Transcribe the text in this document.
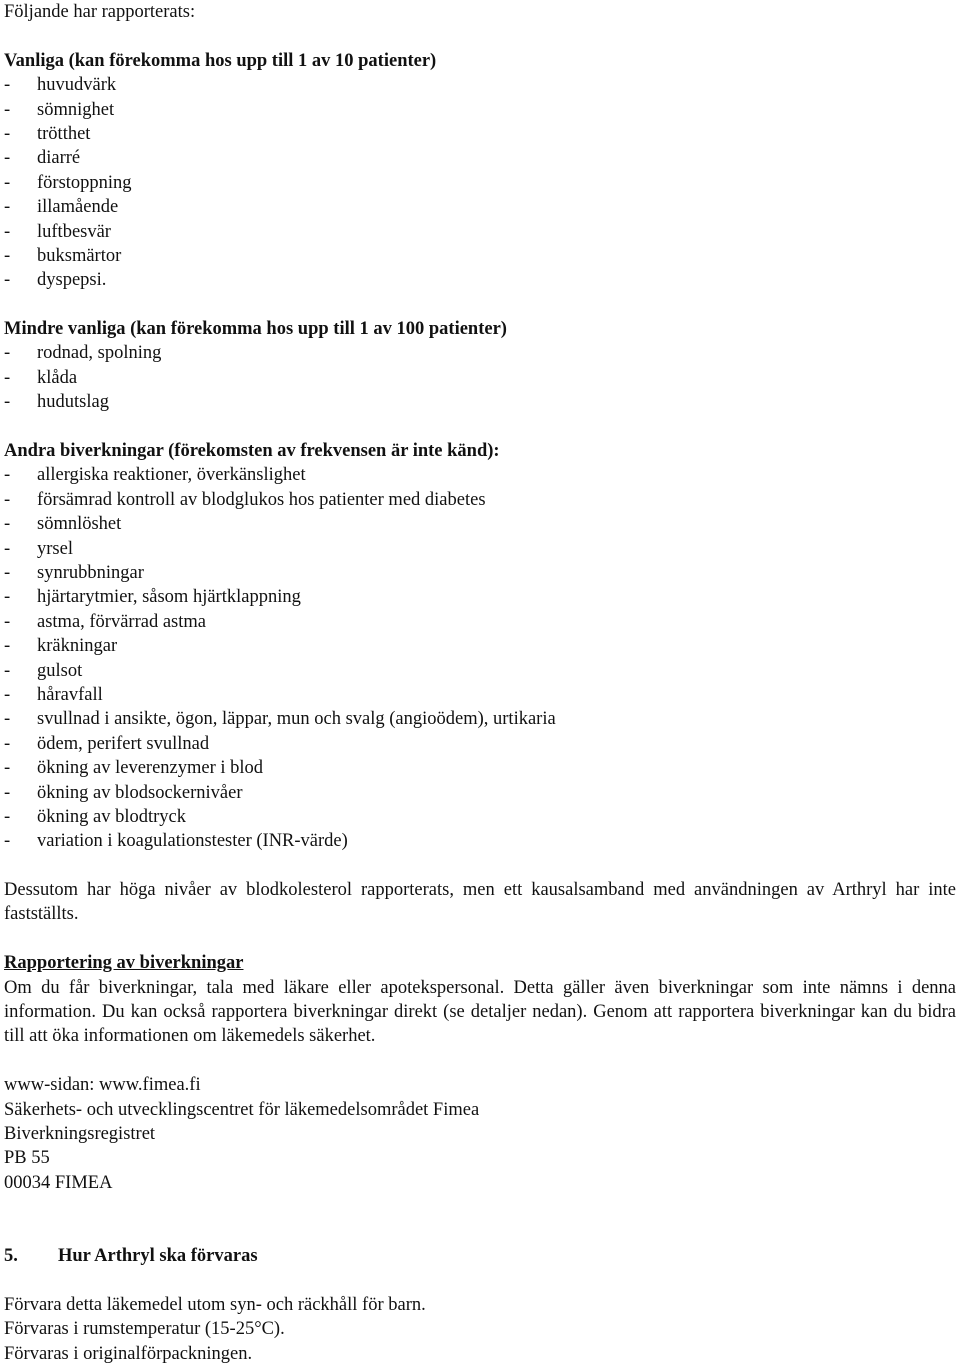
Följande har rapporterats:
Vanliga (kan förekomma hos upp till 1 av 10 patienter)
-	huvudvärk
-	sömnighet
-	trötthet
-	diarré
-	förstoppning
-	illamående
-	luftbesvär
-	buksmärtor
-	dyspepsi.
Mindre vanliga (kan förekomma hos upp till 1 av 100 patienter)
-	rodnad, spolning
-	klåda
-	hudutslag
Andra biverkningar (förekomsten av frekvensen är inte känd):
-	allergiska reaktioner, överkänslighet
-	försämrad kontroll av blodglukos hos patienter med diabetes
-	sömnlöshet
-	yrsel
-	synrubbningar
-	hjärtarytmier, såsom hjärtklappning
-	astma, förvärrad astma
-	kräkningar
-	gulsot
-	håravfall
-	svullnad i ansikte, ögon, läppar, mun och svalg (angioödem), urtikaria
-	ödem, perifert svullnad
-	ökning av leverenzymer i blod
-	ökning av blodsockernivåer
-	ökning av blodtryck
-	variation i koagulationstester (INR-värde)
Dessutom har höga nivåer av blodkolesterol rapporterats, men ett kausalsamband med användningen av Arthryl har inte fastställts.
Rapportering av biverkningar
Om du får biverkningar, tala med läkare eller apotekspersonal. Detta gäller även biverkningar som inte nämns i denna information. Du kan också rapportera biverkningar direkt (se detaljer nedan). Genom att rapportera biverkningar kan du bidra till att öka informationen om läkemedels säkerhet.
www-sidan: www.fimea.fi
Säkerhets- och utvecklingscentret för läkemedelsområdet Fimea
Biverkningsregistret
PB 55
00034 FIMEA
5. Hur Arthryl ska förvaras
Förvara detta läkemedel utom syn- och räckhåll för barn.
Förvaras i rumstemperatur (15-25°C).
Förvaras i originalförpackningen.
